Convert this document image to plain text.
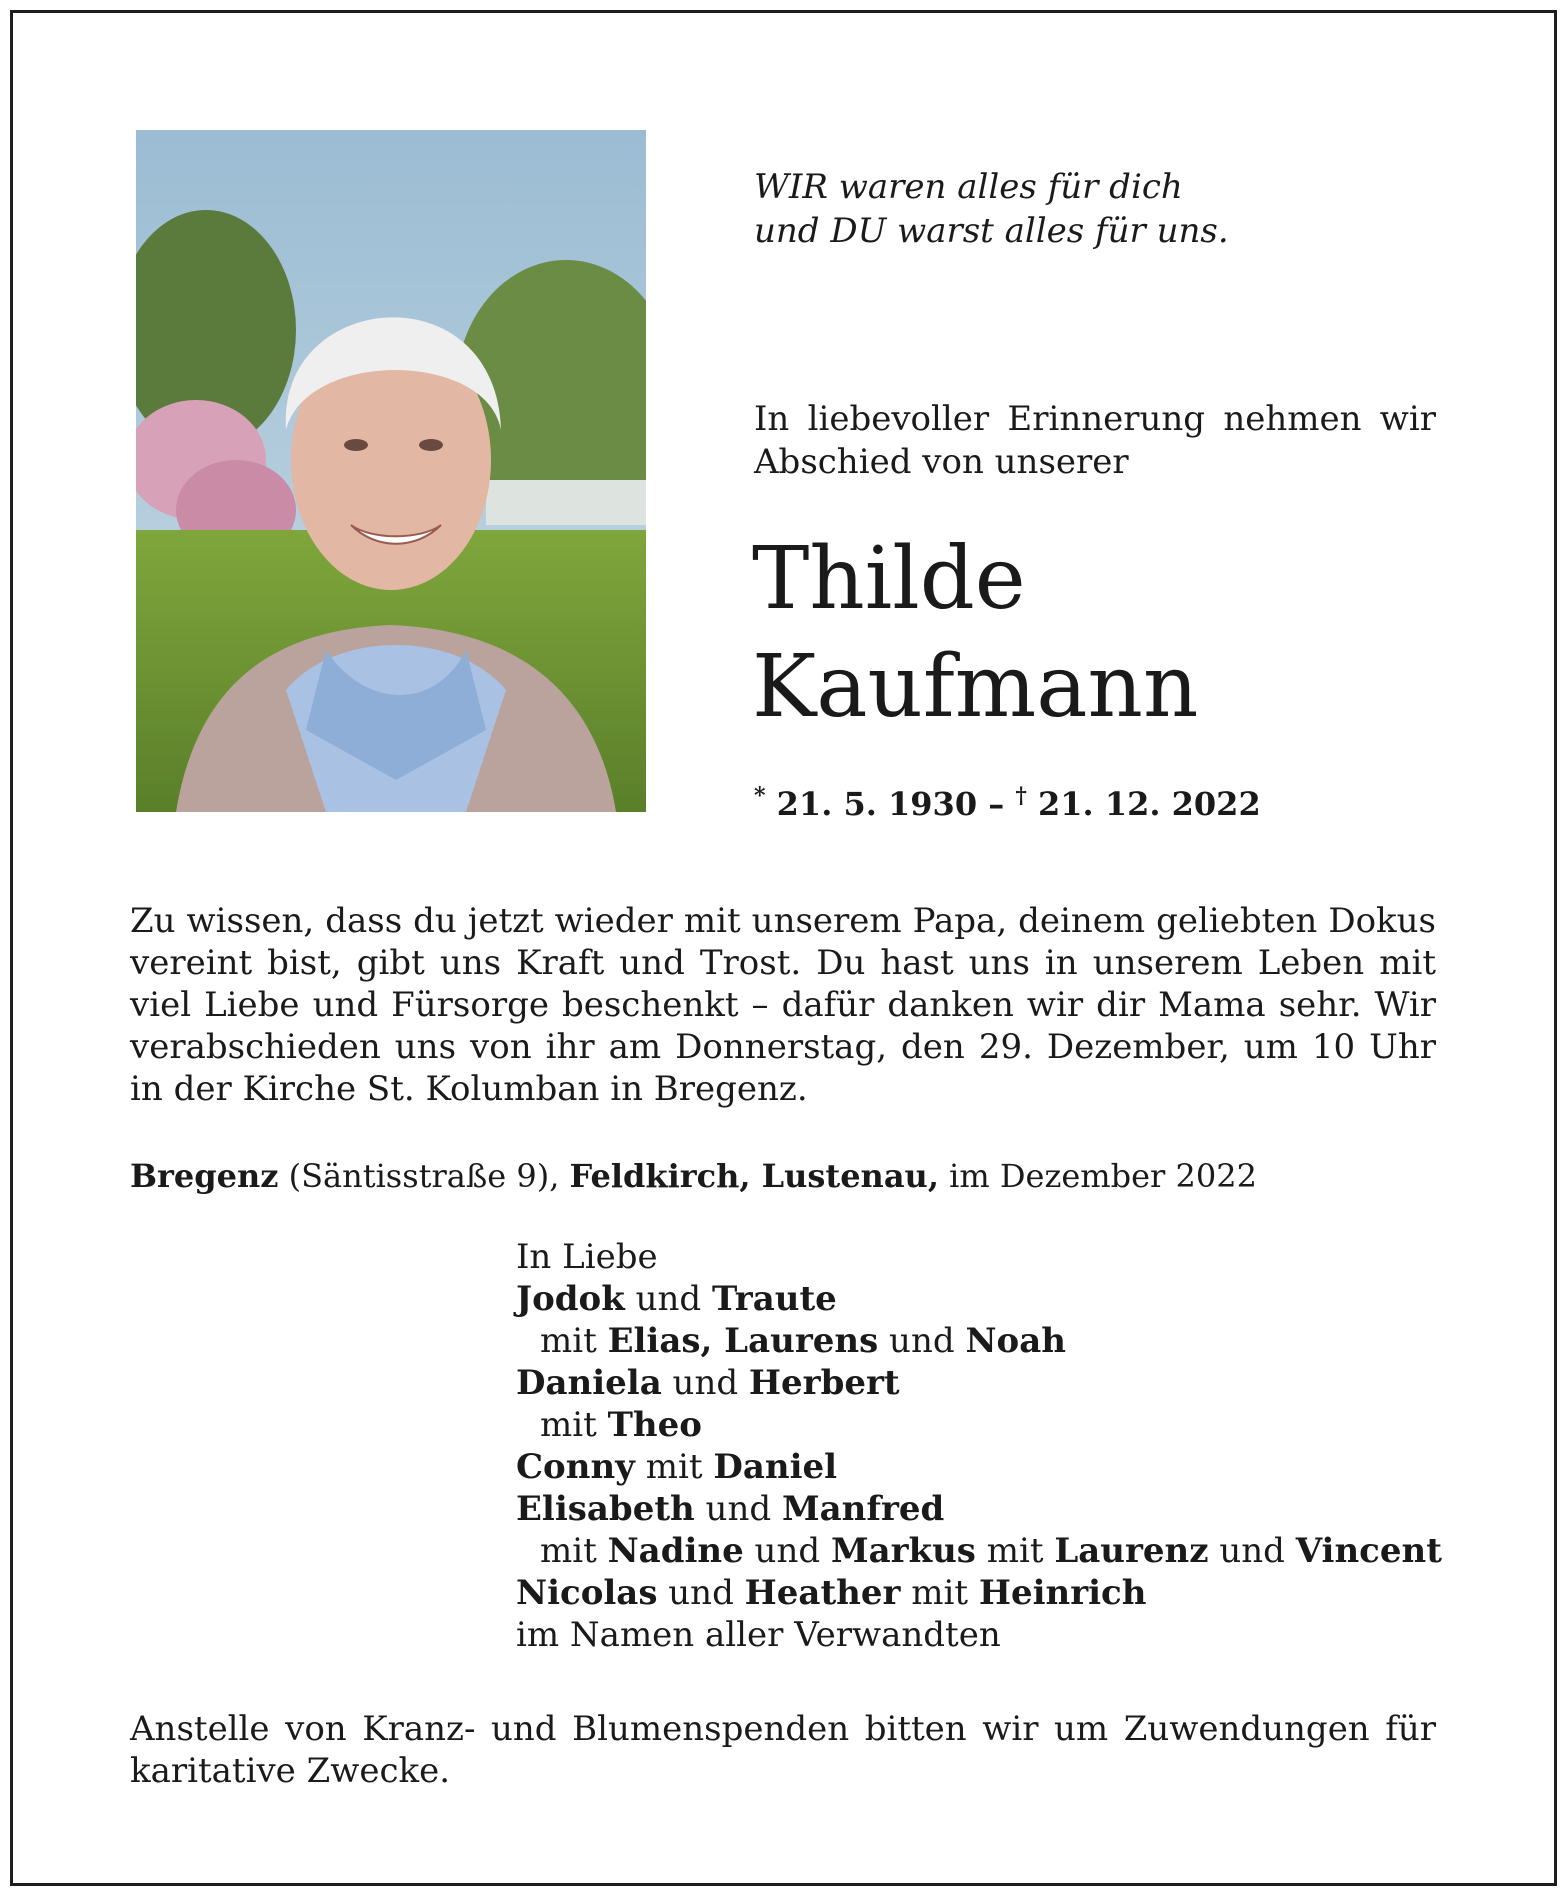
WIR waren alles für dich
und DU warst alles für uns.
In liebevoller Erinnerung nehmen wir
Abschied von unserer
Thilde
Kaufmann
* 21. 5. 1930 – † 21. 12. 2022
Zu wissen, dass du jetzt wieder mit unserem Papa, deinem geliebten Dokus vereint bist, gibt uns Kraft und Trost. Du hast uns in unserem Leben mit viel Liebe und Fürsorge beschenkt – dafür danken wir dir Mama sehr. Wir verabschieden uns von ihr am Donnerstag, den 29. Dezember, um 10 Uhr in der Kirche St. Kolumban in Bregenz.
Bregenz (Säntisstraße 9), Feldkirch, Lustenau, im Dezember 2022
In Liebe
Jodok und Traute
mit Elias, Laurens und Noah
Daniela und Herbert
mit Theo
Conny mit Daniel
Elisabeth und Manfred
mit Nadine und Markus mit Laurenz und Vincent
Nicolas und Heather mit Heinrich
im Namen aller Verwandten
Anstelle von Kranz- und Blumenspenden bitten wir um Zuwendungen für
karitative Zwecke.
